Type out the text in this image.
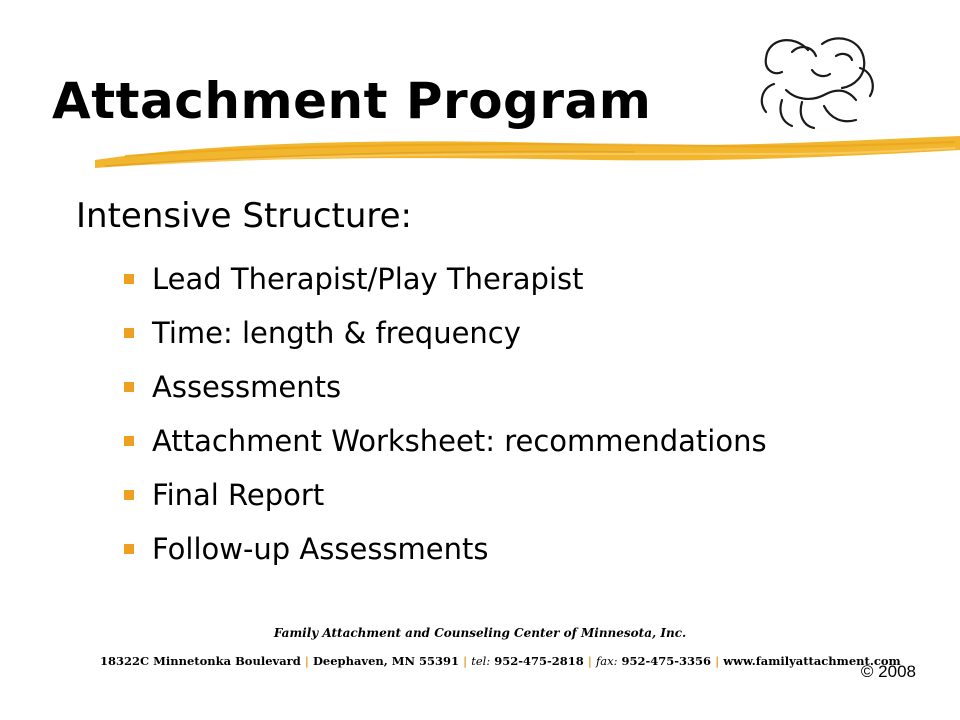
Attachment Program
Intensive Structure:
Lead Therapist/Play Therapist
Time: length & frequency
Assessments
Attachment Worksheet: recommendations
Final Report
Follow-up Assessments
Family Attachment and Counseling Center of Minnesota, Inc.
18322C Minnetonka Boulevard | Deephaven, MN 55391 | tel: 952-475-2818 | fax: 952-475-3356 | www.familyattachment.com
© 2008
